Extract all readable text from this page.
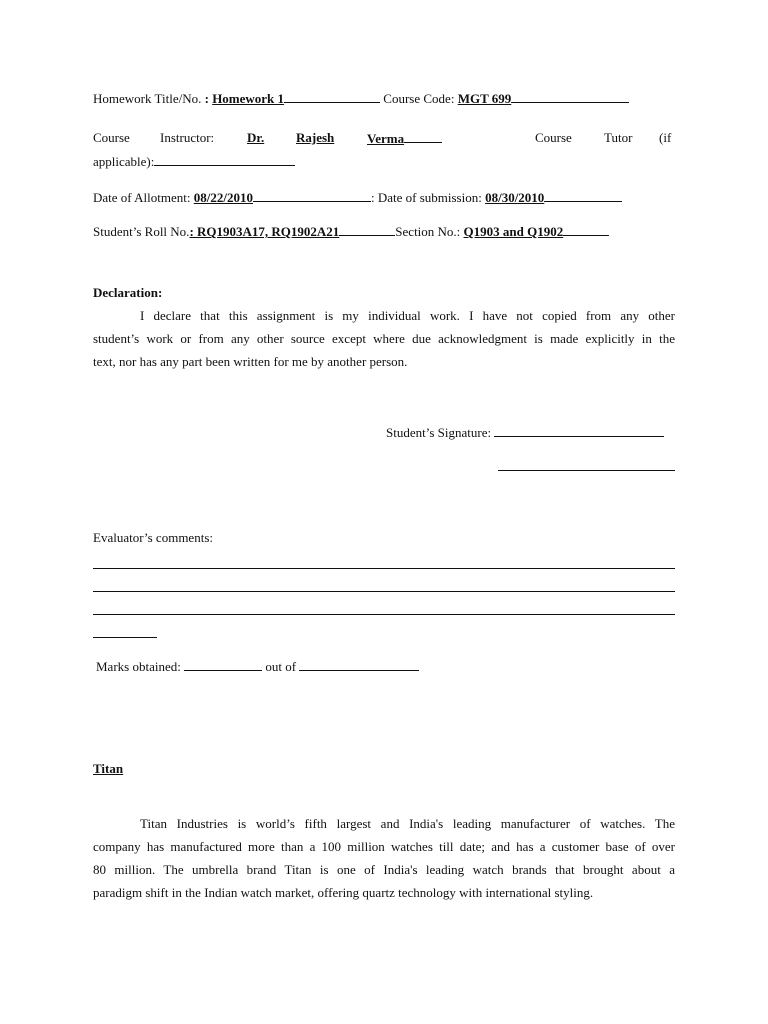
Homework Title/No. : Homework 1	Course Code: MGT 699
Course Instructor:	Dr. Rajesh	Verma	Course Tutor (if
applicable):
Date of Allotment: 08/22/2010	: Date of submission: 08/30/2010
Student’s Roll No.: RQ1903A17, RQ1902A21	Section No.: Q1903 and Q1902
Declaration:
I declare that this assignment is my individual work. I have not copied from any other
student’s work or from any other source except where due acknowledgment is made explicitly in the
text, nor has any part been written for me by another person.
Student’s Signature:
Evaluator’s comments:
Marks obtained:	out of
Titan
Titan Industries is world’s fifth largest and India's leading manufacturer of watches. The
company has manufactured more than a 100 million watches till date; and has a customer base of over
80 million. The umbrella brand Titan is one of India's leading watch brands that brought about a
paradigm shift in the Indian watch market, offering quartz technology with international styling.
